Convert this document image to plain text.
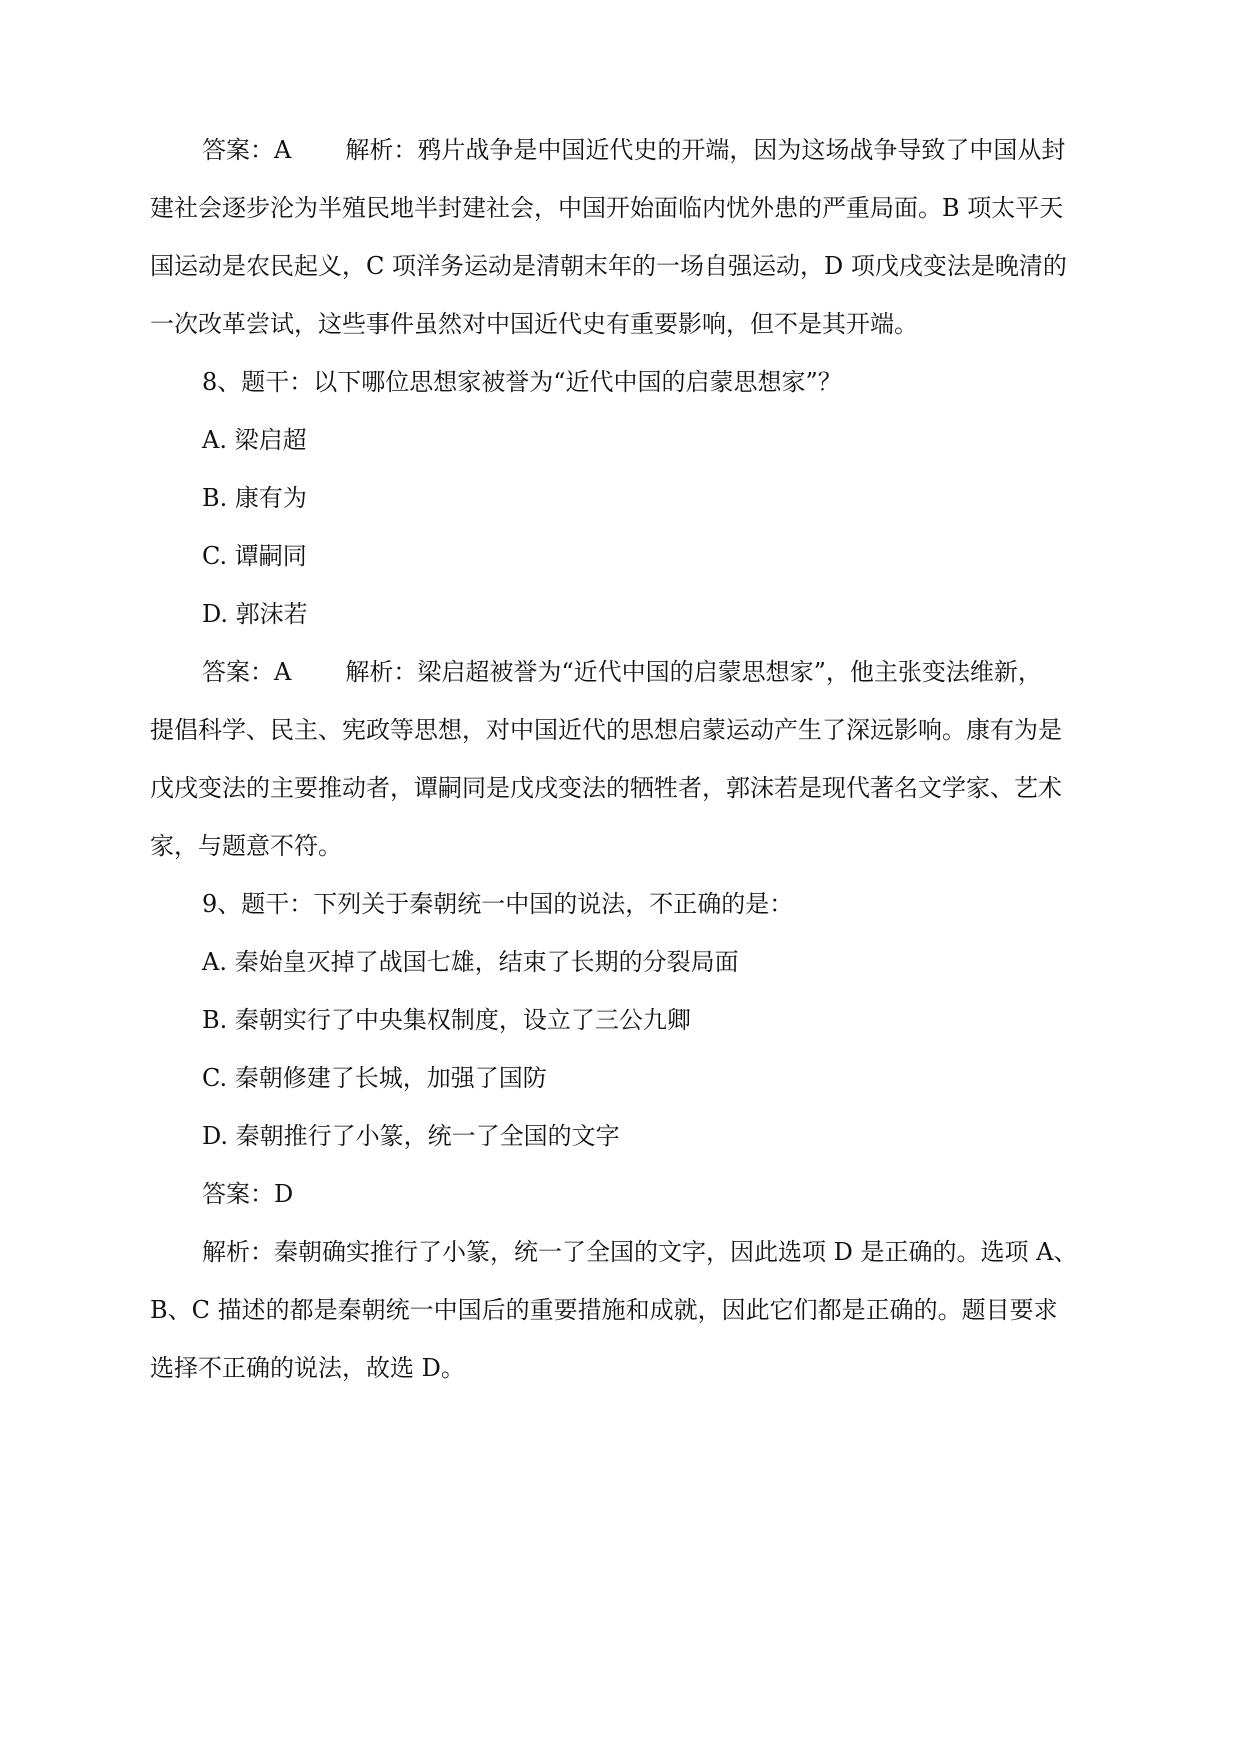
答案：A 解析：鸦片战争是中国近代史的开端，因为这场战争导致了中国从封

建社会逐步沦为半殖民地半封建社会，中国开始面临内忧外患的严重局面。B 项太平天

国运动是农民起义，C 项洋务运动是清朝末年的一场自强运动，D 项戊戌变法是晚清的

一次改革尝试，这些事件虽然对中国近代史有重要影响，但不是其开端。

8、题干：以下哪位思想家被誉为“近代中国的启蒙思想家”？

A. 梁启超

B. 康有为

C. 谭嗣同

D. 郭沫若

答案：A 解析：梁启超被誉为“近代中国的启蒙思想家”，他主张变法维新，

提倡科学、民主、宪政等思想，对中国近代的思想启蒙运动产生了深远影响。康有为是

戊戌变法的主要推动者，谭嗣同是戊戌变法的牺牲者，郭沫若是现代著名文学家、艺术

家，与题意不符。

9、题干：下列关于秦朝统一中国的说法，不正确的是：

A. 秦始皇灭掉了战国七雄，结束了长期的分裂局面

B. 秦朝实行了中央集权制度，设立了三公九卿

C. 秦朝修建了长城，加强了国防

D. 秦朝推行了小篆，统一了全国的文字

答案：D

解析：秦朝确实推行了小篆，统一了全国的文字，因此选项 D 是正确的。选项 A、

B、C 描述的都是秦朝统一中国后的重要措施和成就，因此它们都是正确的。题目要求

选择不正确的说法，故选 D。
